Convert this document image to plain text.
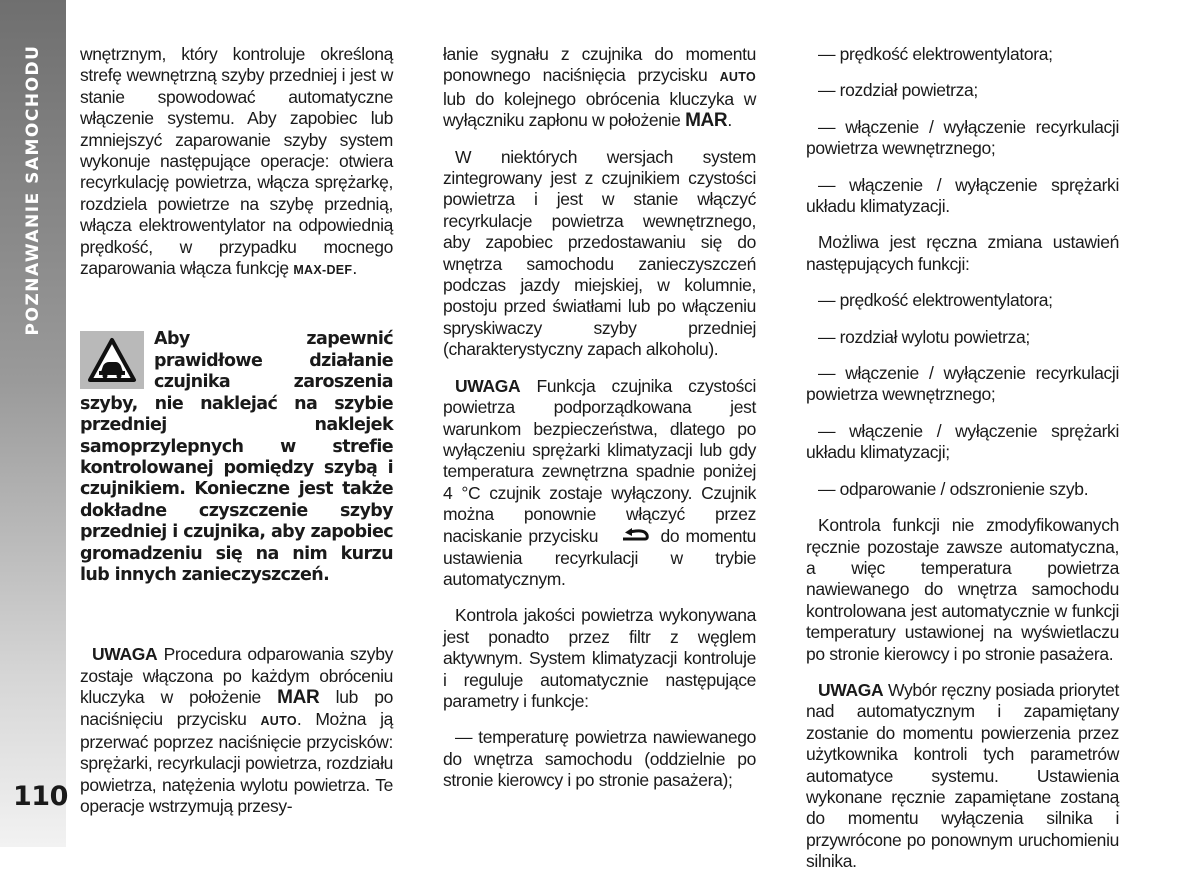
POZNAWANIE SAMOCHODU
110

wnętrznym, który kontroluje określoną strefę wewnętrzną szyby przedniej i jest w stanie spowodować automatyczne włączenie systemu. Aby zapobiec lub zmniejszyć zaparowanie szyby system wykonuje następujące operacje: otwiera recyrkulację powietrza, włącza sprężarkę, rozdziela powietrze na szybę przednią, włącza elektrowentylator na odpowiednią prędkość, w przypadku mocnego zaparowania włącza funkcję MAX-DEF.

Aby zapewnić prawidłowe działanie czujnika zaroszenia szyby, nie naklejać na szybie przedniej naklejek samoprzylepnych w strefie kontrolowanej pomiędzy szybą i czujnikiem. Konieczne jest także dokładne czyszczenie szyby przedniej i czujnika, aby zapobiec gromadzeniu się na nim kurzu lub innych zanieczyszczeń.

UWAGA Procedura odparowania szyby zostaje włączona po każdym obróceniu kluczyka w położenie MAR lub po naciśnięciu przycisku AUTO. Można ją przerwać poprzez naciśnięcie przycisków: sprężarki, recyrkulacji powietrza, rozdziału powietrza, natężenia wylotu powietrza. Te operacje wstrzymują przesy-

łanie sygnału z czujnika do momentu ponownego naciśnięcia przycisku AUTO lub do kolejnego obrócenia kluczyka w wyłączniku zapłonu w położenie MAR.

W niektórych wersjach system zintegrowany jest z czujnikiem czystości powietrza i jest w stanie włączyć recyrkulacje powietrza wewnętrznego, aby zapobiec przedostawaniu się do wnętrza samochodu zanieczyszczeń podczas jazdy miejskiej, w kolumnie, postoju przed światłami lub po włączeniu spryskiwaczy szyby przedniej (charakterystyczny zapach alkoholu).

UWAGA Funkcja czujnika czystości powietrza podporządkowana jest warunkom bezpieczeństwa, dlatego po wyłączeniu sprężarki klimatyzacji lub gdy temperatura zewnętrzna spadnie poniżej 4 °C czujnik zostaje wyłączony. Czujnik można ponownie włączyć przez naciskanie przycisku	do momentu ustawienia recyrkulacji w trybie automatycznym.

Kontrola jakości powietrza wykonywana jest ponadto przez filtr z węglem aktywnym. System klimatyzacji kontroluje i reguluje automatycznie następujące parametry i funkcje:

— temperaturę powietrza nawiewanego do wnętrza samochodu (oddzielnie po stronie kierowcy i po stronie pasażera);

— prędkość elektrowentylatora;

— rozdział powietrza;

— włączenie / wyłączenie recyrkulacji powietrza wewnętrznego;

— włączenie / wyłączenie sprężarki układu klimatyzacji.

Możliwa jest ręczna zmiana ustawień następujących funkcji:

— prędkość elektrowentylatora;

— rozdział wylotu powietrza;

— włączenie / wyłączenie recyrkulacji powietrza wewnętrznego;

— włączenie / wyłączenie sprężarki układu klimatyzacji;

— odparowanie / odszronienie szyb.

Kontrola funkcji nie zmodyfikowanych ręcznie pozostaje zawsze automatyczna, a więc temperatura powietrza nawiewanego do wnętrza samochodu kontrolowana jest automatycznie w funkcji temperatury ustawionej na wyświetlaczu po stronie kierowcy i po stronie pasażera.

UWAGA Wybór ręczny posiada priorytet nad automatycznym i zapamiętany zostanie do momentu powierzenia przez użytkownika kontroli tych parametrów automatyce systemu. Ustawienia wykonane ręcznie zapamiętane zostaną do momentu wyłączenia silnika i przywrócone po ponownym uruchomieniu silnika.
